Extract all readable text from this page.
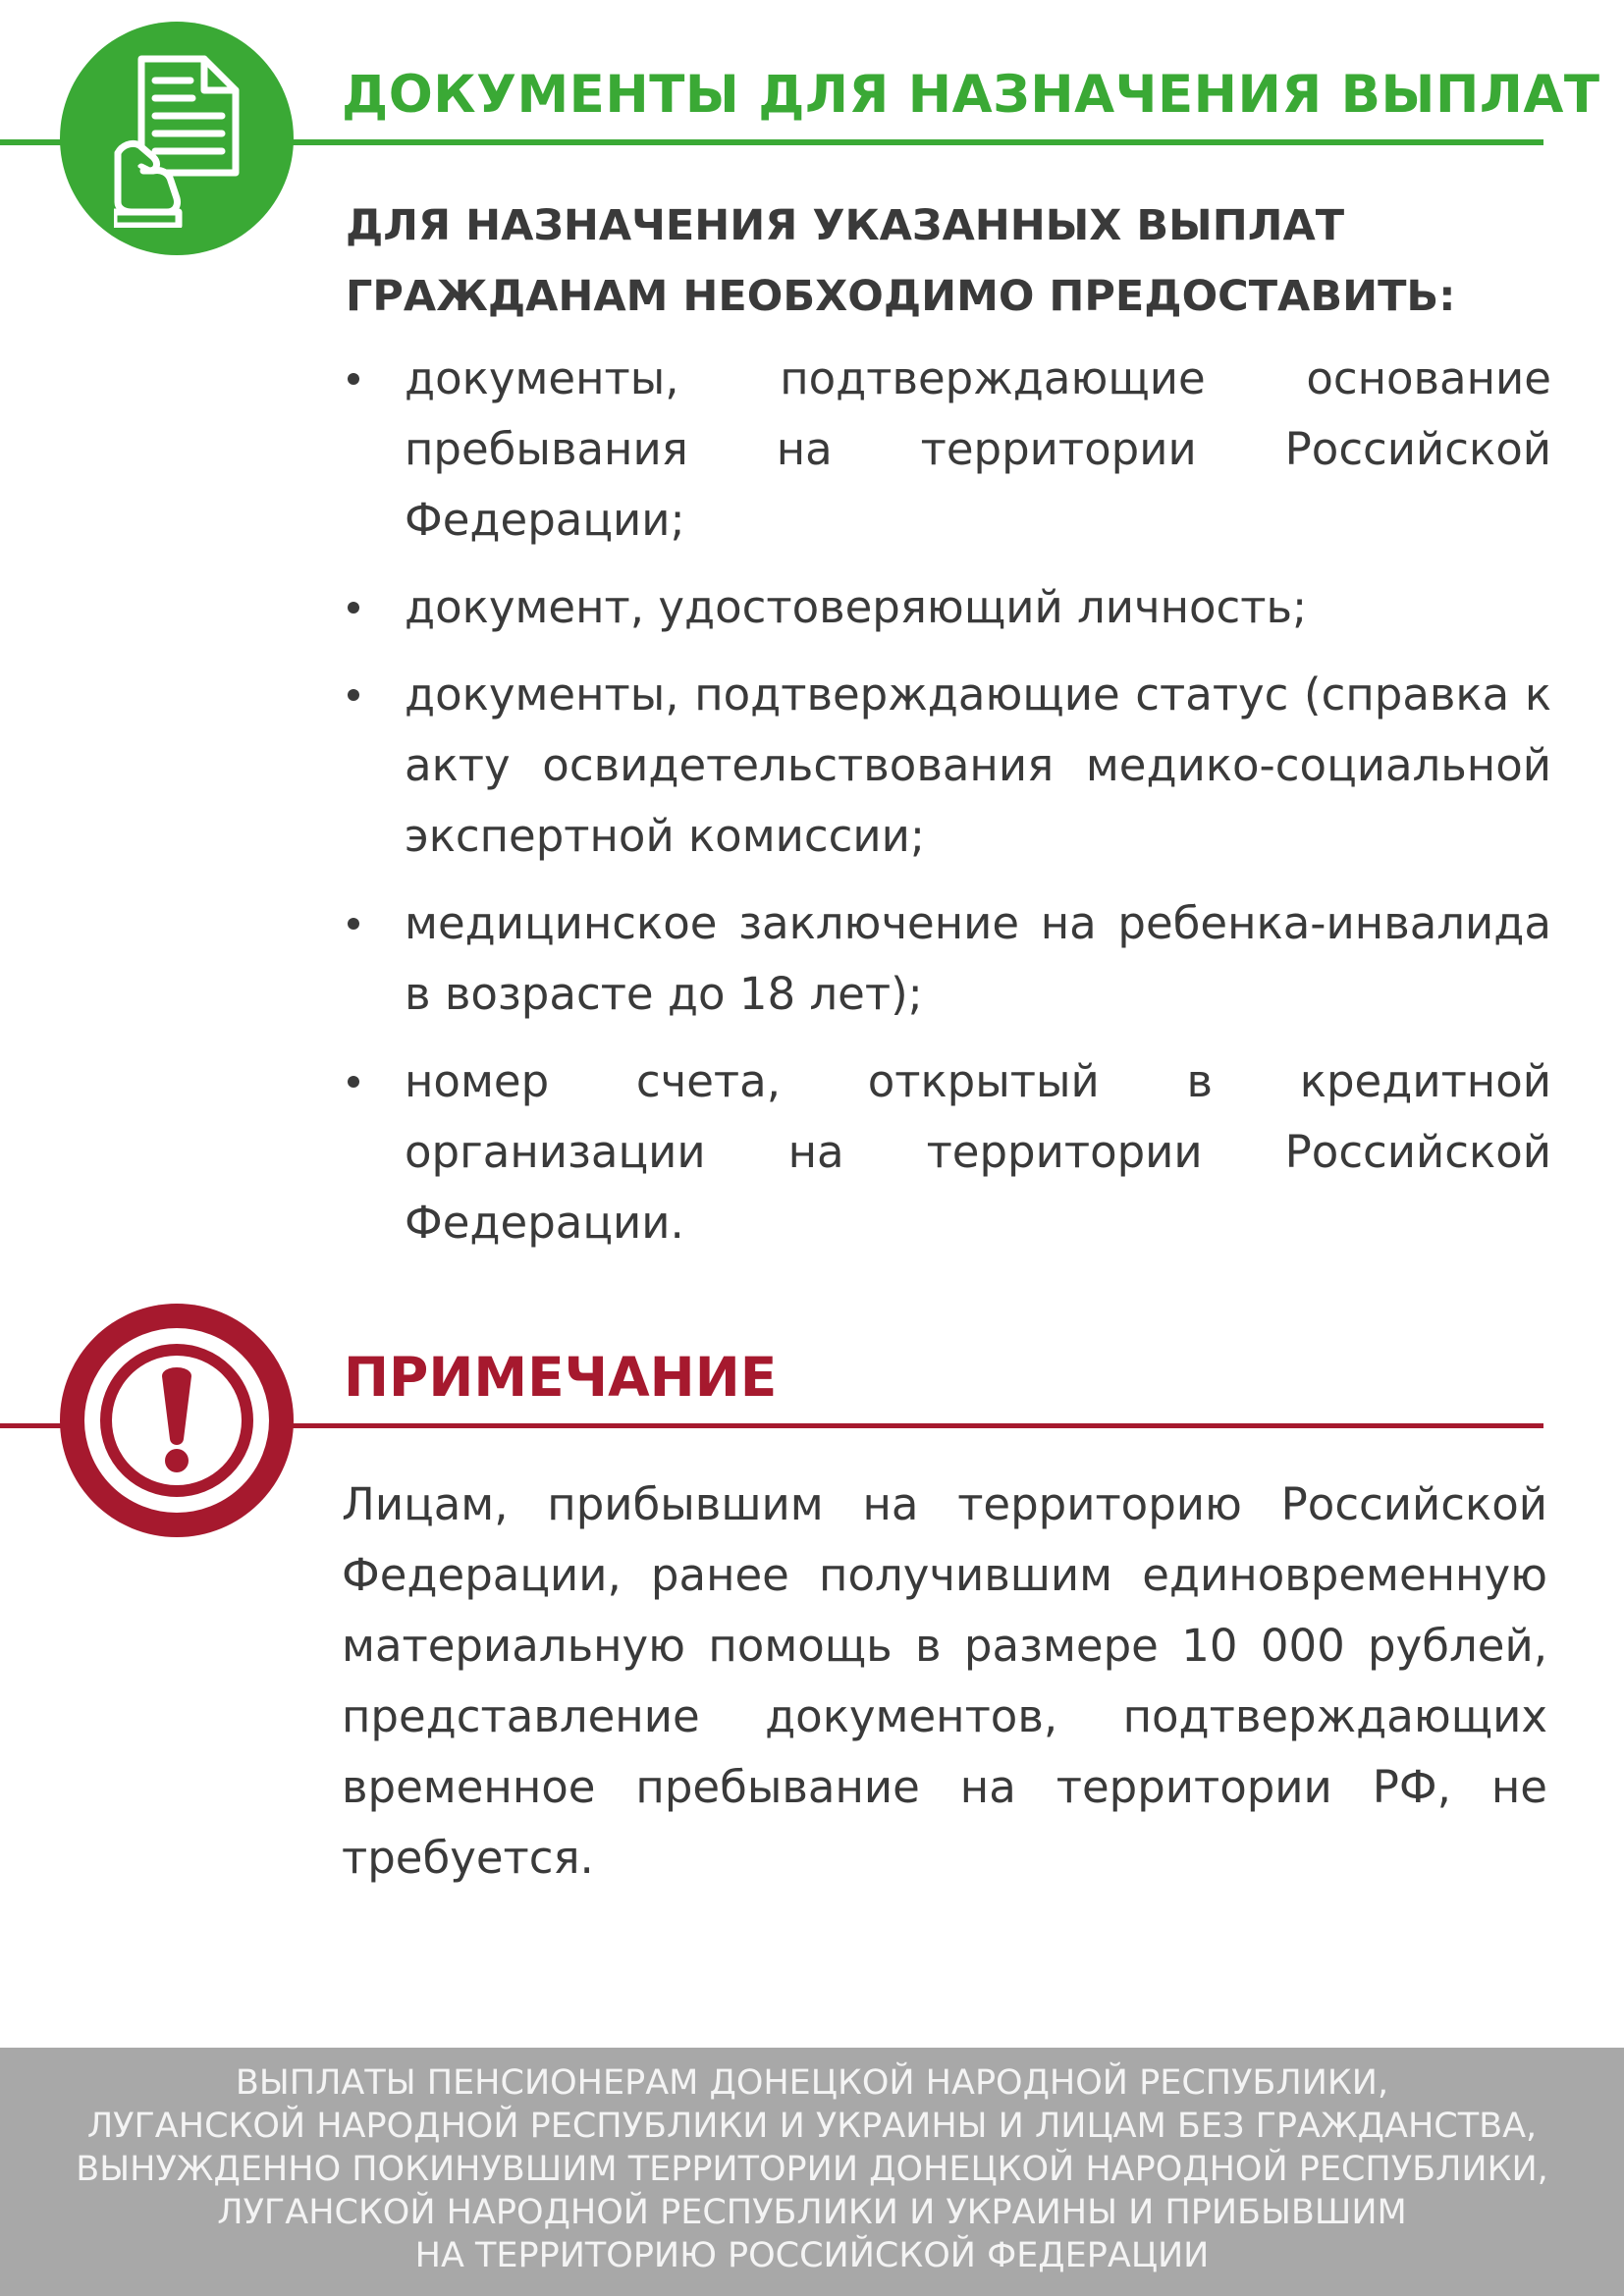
ДОКУМЕНТЫ ДЛЯ НАЗНАЧЕНИЯ ВЫПЛАТ
ДЛЯ НАЗНАЧЕНИЯ УКАЗАННЫХ ВЫПЛАТ
ГРАЖДАНАМ НЕОБХОДИМО ПРЕДОСТАВИТЬ:
документы, подтверждающие основание пребывания на территории Российской Федерации;
документ, удостоверяющий личность;
документы, подтверждающие статус (справка к акту освидетельствования медико-социальной экспертной комиссии;
медицинское заключение на ребенка-инвалида в возрасте до 18 лет);
номер счета, открытый в кредитной организации на территории Российской Федерации.
ПРИМЕЧАНИЕ

Лицам, прибывшим на территорию Российской Федерации, ранее получившим единовременную материальную помощь в размере 10 000 рублей, представление документов, подтверждающих временное пребывание на территории РФ, не требуется.

ВЫПЛАТЫ ПЕНСИОНЕРАМ ДОНЕЦКОЙ НАРОДНОЙ РЕСПУБЛИКИ,
ЛУГАНСКОЙ НАРОДНОЙ РЕСПУБЛИКИ И УКРАИНЫ И ЛИЦАМ БЕЗ ГРАЖДАНСТВА,
ВЫНУЖДЕННО ПОКИНУВШИМ ТЕРРИТОРИИ ДОНЕЦКОЙ НАРОДНОЙ РЕСПУБЛИКИ,
ЛУГАНСКОЙ НАРОДНОЙ РЕСПУБЛИКИ И УКРАИНЫ И ПРИБЫВШИМ
НА ТЕРРИТОРИЮ РОССИЙСКОЙ ФЕДЕРАЦИИ
